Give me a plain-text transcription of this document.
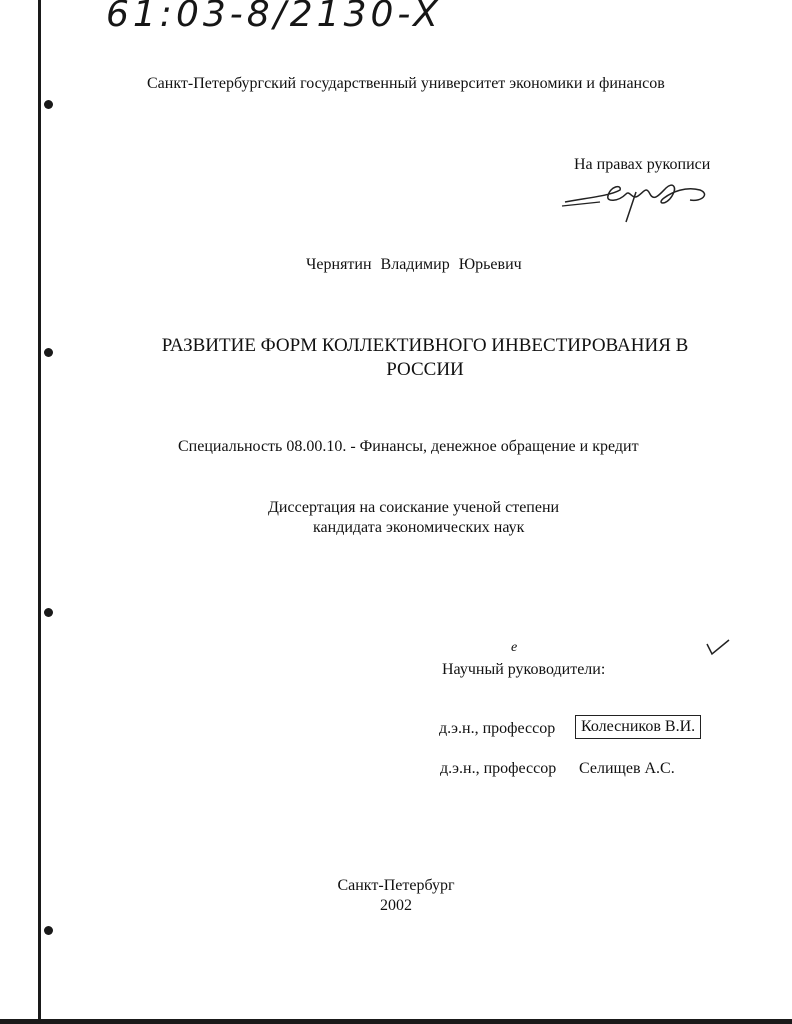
61:03-8/2130-X
Санкт-Петербургский государственный университет экономики и финансов
На правах рукописи
Чернятин Владимир Юрьевич
РАЗВИТИЕ ФОРМ КОЛЛЕКТИВНОГО ИНВЕСТИРОВАНИЯ В РОССИИ
Специальность 08.00.10. - Финансы, денежное обращение и кредит
Диссертация на соискание ученой степени
кандидата экономических наук
е
Научный руководители:
д.э.н., профессор	Колесников В.И.
д.э.н., профессор Селищев А.С.
Санкт-Петербург
2002
